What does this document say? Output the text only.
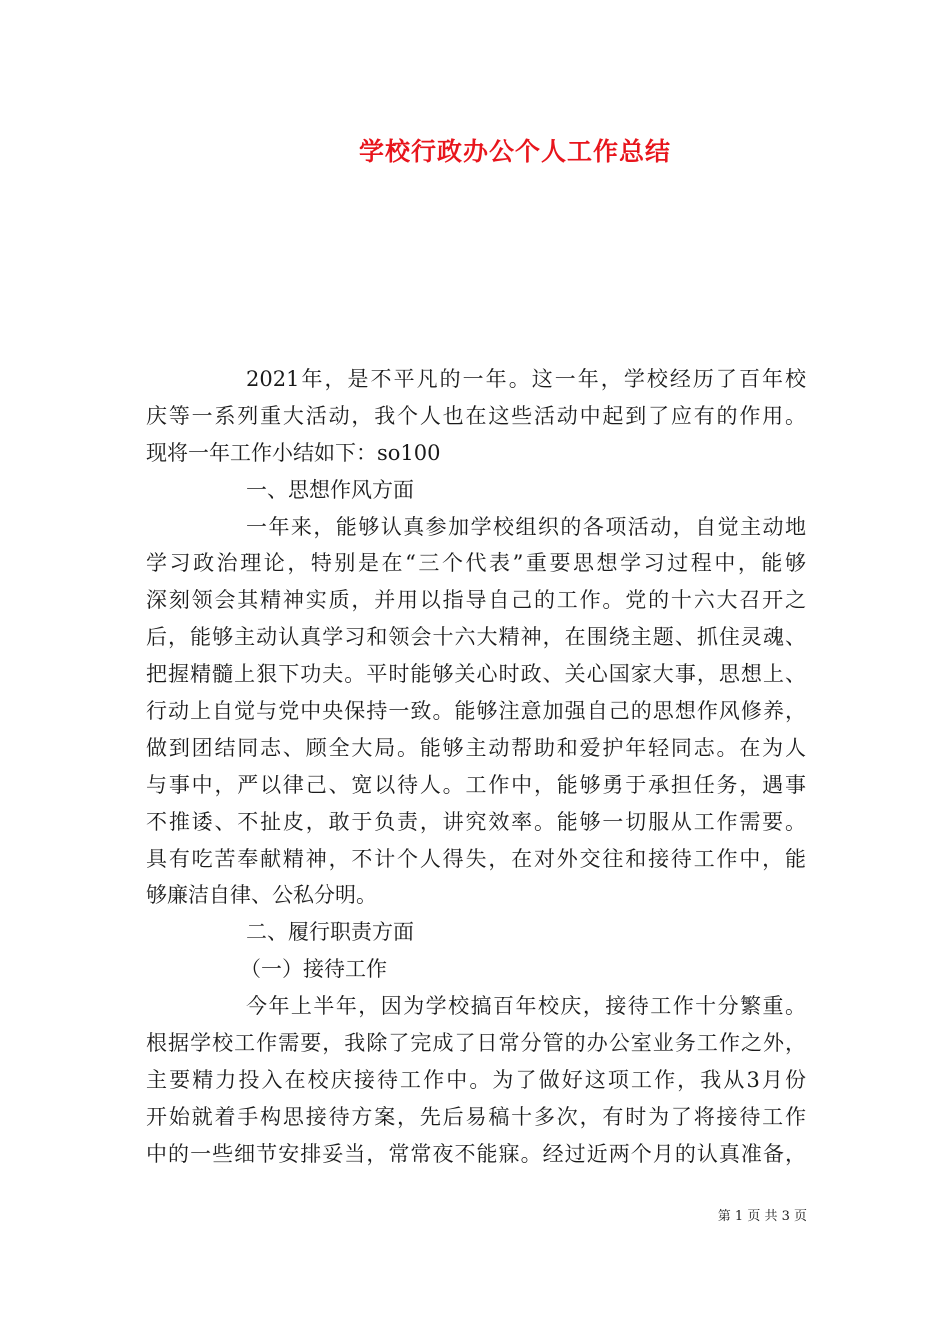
学校行政办公个人工作总结
2021年，是不平凡的一年。这一年，学校经历了百年校
庆等一系列重大活动，我个人也在这些活动中起到了应有的作用。
现将一年工作小结如下：so100
一、思想作风方面
一年来，能够认真参加学校组织的各项活动，自觉主动地
学习政治理论，特别是在“三个代表”重要思想学习过程中，能够
深刻领会其精神实质，并用以指导自己的工作。党的十六大召开之
后，能够主动认真学习和领会十六大精神，在围绕主题、抓住灵魂、
把握精髓上狠下功夫。平时能够关心时政、关心国家大事，思想上、
行动上自觉与党中央保持一致。能够注意加强自己的思想作风修养，
做到团结同志、顾全大局。能够主动帮助和爱护年轻同志。在为人
与事中，严以律己、宽以待人。工作中，能够勇于承担任务，遇事
不推诿、不扯皮，敢于负责，讲究效率。能够一切服从工作需要。
具有吃苦奉献精神，不计个人得失，在对外交往和接待工作中，能
够廉洁自律、公私分明。
二、履行职责方面
（一）接待工作
今年上半年，因为学校搞百年校庆，接待工作十分繁重。
根据学校工作需要，我除了完成了日常分管的办公室业务工作之外，
主要精力投入在校庆接待工作中。为了做好这项工作，我从3月份
开始就着手构思接待方案，先后易稿十多次，有时为了将接待工作
中的一些细节安排妥当，常常夜不能寐。经过近两个月的认真准备，
第 1 页 共 3 页
